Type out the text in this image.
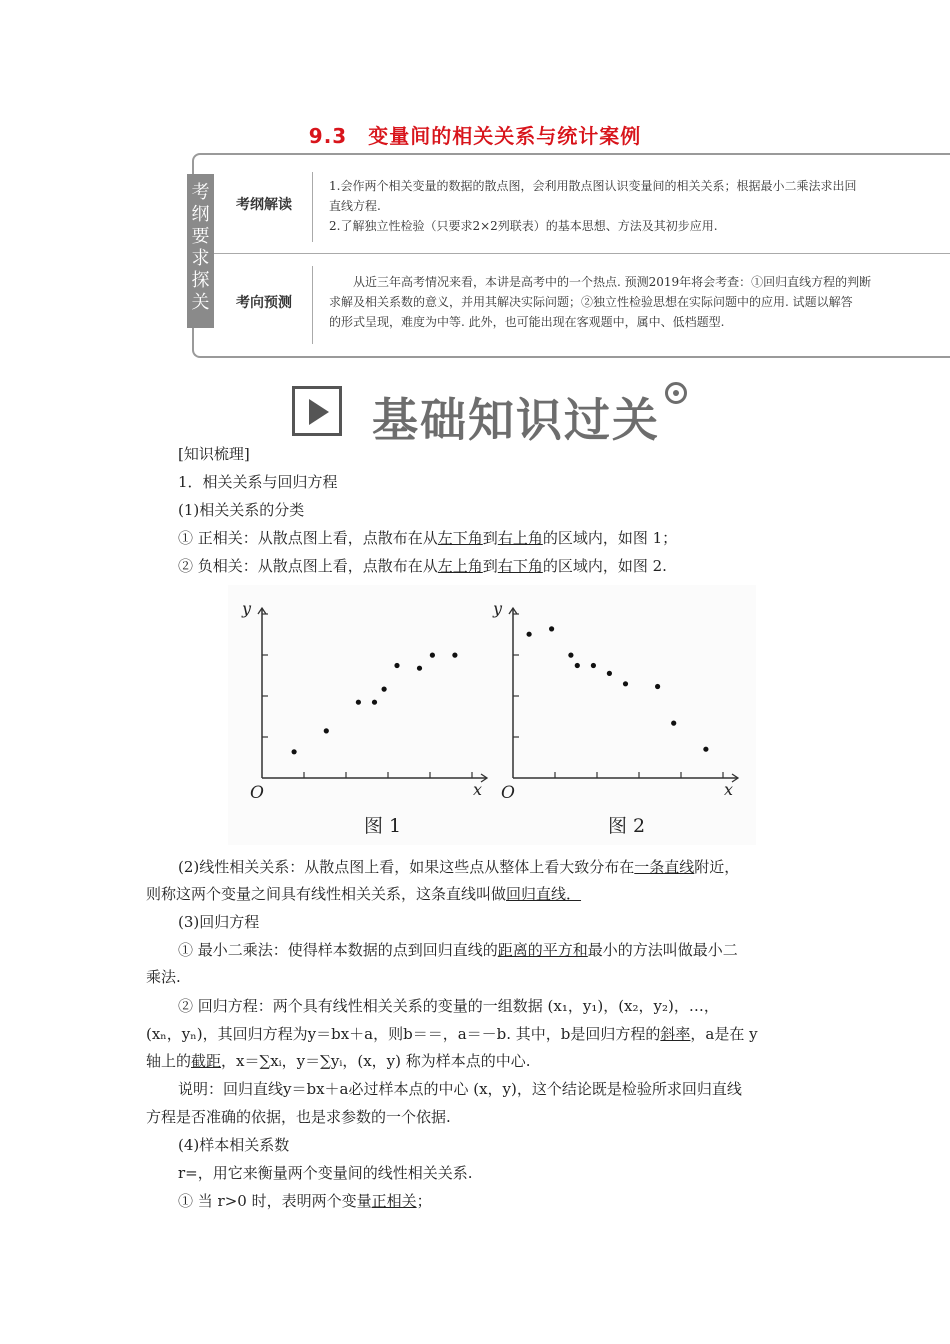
9.3　变量间的相关关系与统计案例
考纲要求探关
考纲解读
1.会作两个相关变量的数据的散点图，会利用散点图认识变量间的相关关系；根据最小二乘法求出回
直线方程.
2.了解独立性检验（只要求2×2列联表）的基本思想、方法及其初步应用.
考向预测
　　从近三年高考情况来看，本讲是高考中的一个热点. 预测2019年将会考查：①回归直线方程的判断
求解及相关系数的意义，并用其解决实际问题；②独立性检验思想在实际问题中的应用. 试题以解答
的形式呈现，难度为中等. 此外，也可能出现在客观题中，属中、低档题型.
基础知识过关
[知识梳理]
1．相关关系与回归方程
(1)相关关系的分类
① 正相关：从散点图上看，点散布在从左下角到右上角的区域内，如图 1；
② 负相关：从散点图上看，点散布在从左上角到右下角的区域内，如图 2.
x
y
O	x
y
O
图 1	图 2
(2)线性相关关系：从散点图上看，如果这些点从整体上看大致分布在一条直线附近，
则称这两个变量之间具有线性相关关系，这条直线叫做回归直线．
(3)回归方程
① 最小二乘法：使得样本数据的点到回归直线的距离的平方和最小的方法叫做最小二
乘法.
② 回归方程：两个具有线性相关关系的变量的一组数据 (x₁，y₁)，(x₂，y₂)，…，
(xₙ，yₙ)，其回归方程为y＝bx＋a，则b＝＝，a＝－b. 其中，b是回归方程的斜率，a是在 y
轴上的截距，x＝∑xᵢ，y＝∑yᵢ，(x，y) 称为样本点的中心.
说明：回归直线y＝bx＋a必过样本点的中心 (x，y)，这个结论既是检验所求回归直线
方程是否准确的依据，也是求参数的一个依据.
(4)样本相关系数
r=，用它来衡量两个变量间的线性相关关系.
① 当 r>0 时，表明两个变量正相关；
